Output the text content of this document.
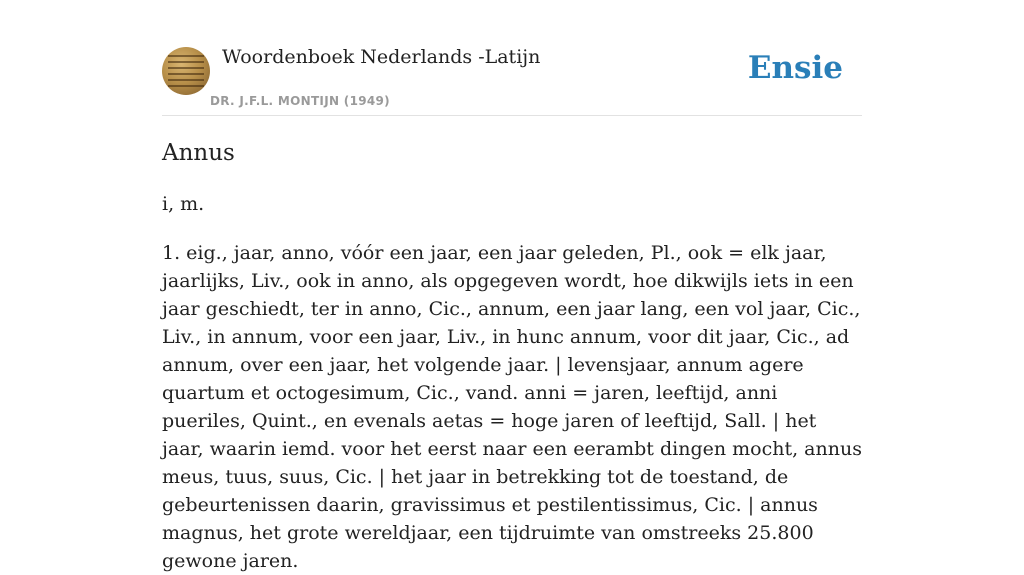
Woordenboek Nederlands -Latijn
DR. J.F.L. MONTIJN (1949)
Ensie
Annus
i, m.

1. eig., jaar, anno, vóór een jaar, een jaar geleden, Pl., ook = elk jaar, jaarlijks, Liv., ook in anno, als opgegeven wordt, hoe dikwijls iets in een jaar geschiedt, ter in anno, Cic., annum, een jaar lang, een vol jaar, Cic., Liv., in annum, voor een jaar, Liv., in hunc annum, voor dit jaar, Cic., ad annum, over een jaar, het volgende jaar. | levensjaar, annum agere quartum et octogesimum, Cic., vand. anni = jaren, leeftijd, anni pueriles, Quint., en evenals aetas = hoge jaren of leeftijd, Sall. | het jaar, waarin iemd. voor het eerst naar een eerambt dingen mocht, annus meus, tuus, suus, Cic. | het jaar in betrekking tot de toestand, de gebeurtenissen daarin, gravissimus et pestilentissimus, Cic. | annus magnus, het grote wereldjaar, een tijdruimte van omstreeks 25.800 gewone jaren.
